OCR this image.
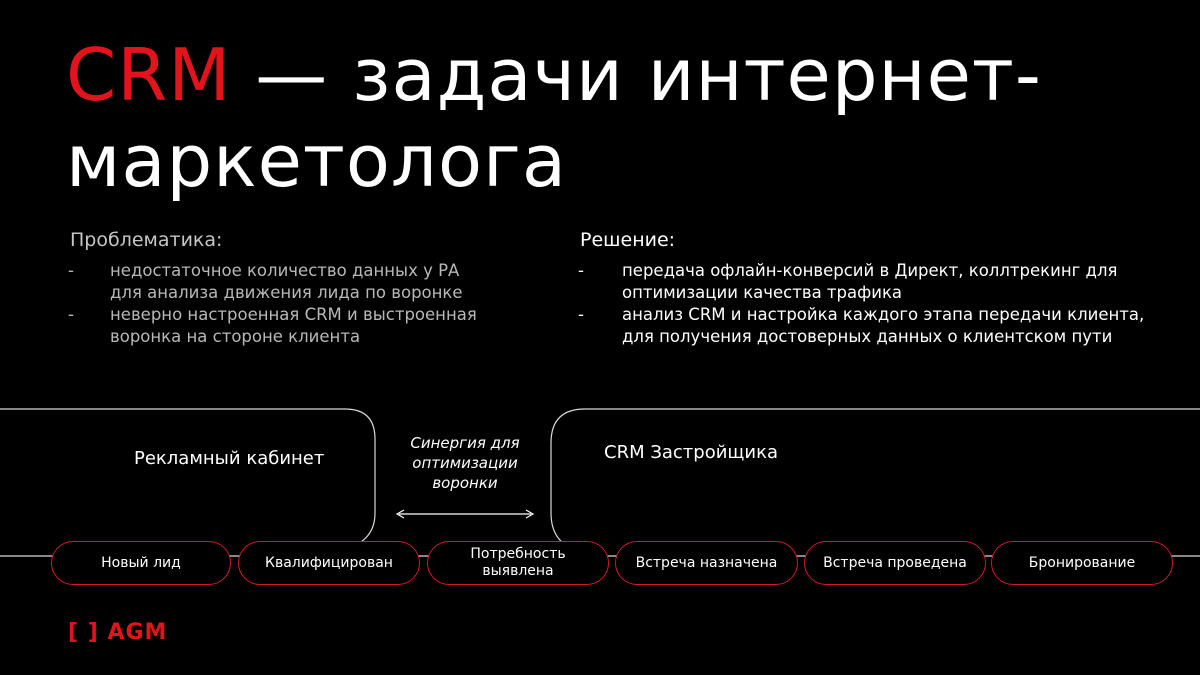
CRM — задачи интернет-
маркетолога
Проблематика:
- недостаточное количество данных у РА для анализа движения лида по воронке
- неверно настроенная CRM и выстроенная воронка на стороне клиента
Решение:
- передача офлайн-конверсий в Директ, коллтрекинг для оптимизации качества трафика
- анализ CRM и настройка каждого этапа передачи клиента, для получения достоверных данных о клиентском пути
Рекламный кабинет	CRM Застройщика
Синергия для оптимизации воронки
Новый лид	Квалифицирован
Потребность выявлена
Встреча назначена	Встреча проведена	Бронирование
[ ] AGM
